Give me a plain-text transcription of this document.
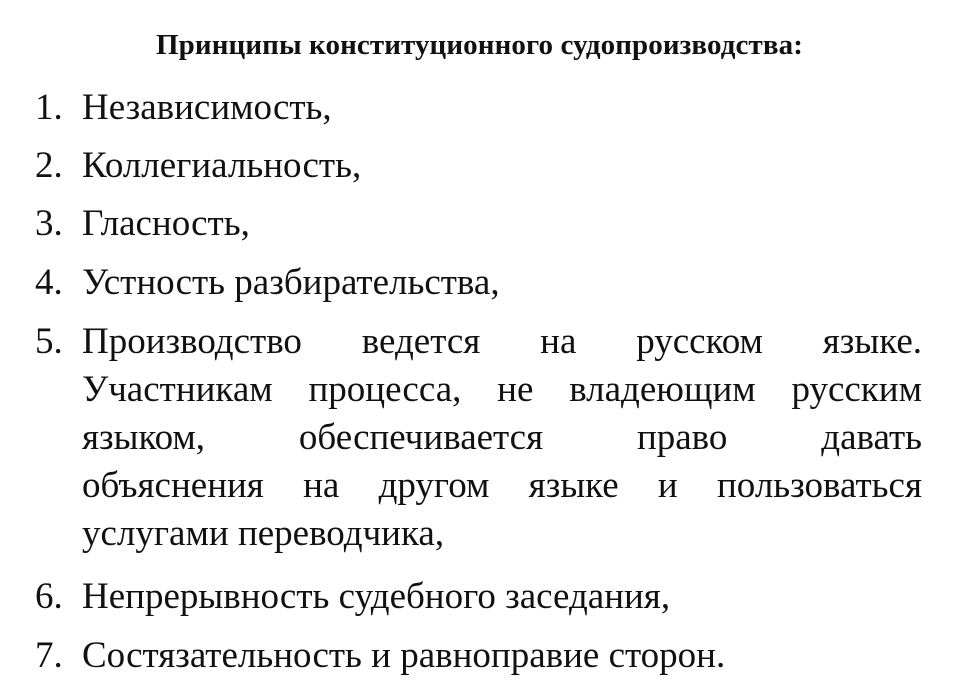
Принципы конституционного судопроизводства:
1. Независимость,
2. Коллегиальность,
3. Гласность,
4. Устность разбирательства,
5. Производство ведется на русском языке.
Участникам процесса, не владеющим русским
языком, обеспечивается право давать
объяснения на другом языке и пользоваться
услугами переводчика,
6. Непрерывность судебного заседания,
7. Состязательность и равноправие сторон.
